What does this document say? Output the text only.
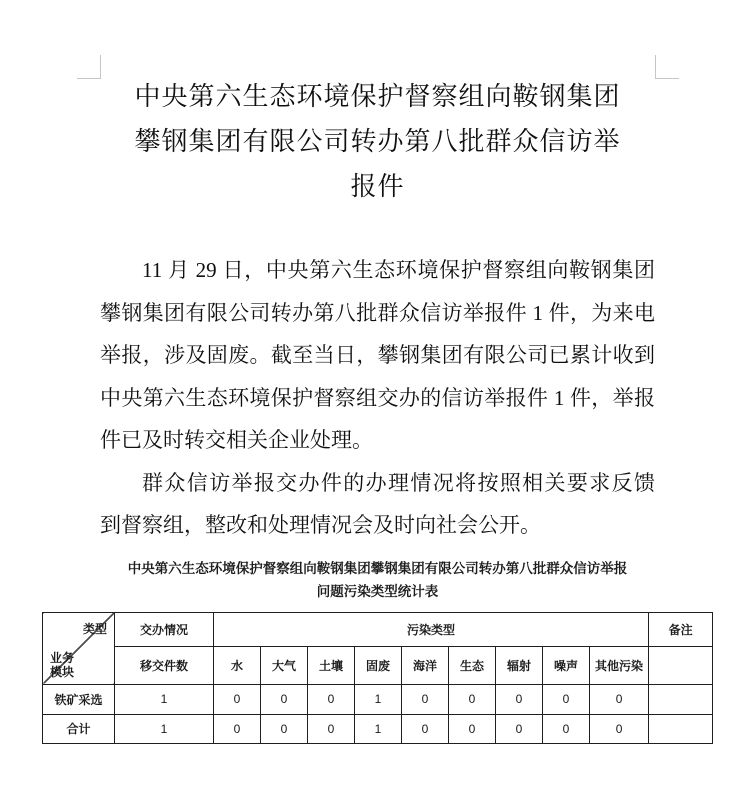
中央第六生态环境保护督察组向鞍钢集团
攀钢集团有限公司转办第八批群众信访举
报件
11 月 29 日，中央第六生态环境保护督察组向鞍钢集团
攀钢集团有限公司转办第八批群众信访举报件 1 件，为来电
举报，涉及固废。截至当日，攀钢集团有限公司已累计收到
中央第六生态环境保护督察组交办的信访举报件 1 件，举报
件已及时转交相关企业处理。
群众信访举报交办件的办理情况将按照相关要求反馈
到督察组，整改和处理情况会及时向社会公开。
中央第六生态环境保护督察组向鞍钢集团攀钢集团有限公司转办第八批群众信访举报
问题污染类型统计表
类型
业务
模块	交办情况	污染类型									备注
	移交件数	水	大气	土壤	固废	海洋	生态	辐射	噪声	其他污染	
铁矿采选	1	0	0	0	1	0	0	0	0	0	
合计	1	0	0	0	1	0	0	0	0	0	
